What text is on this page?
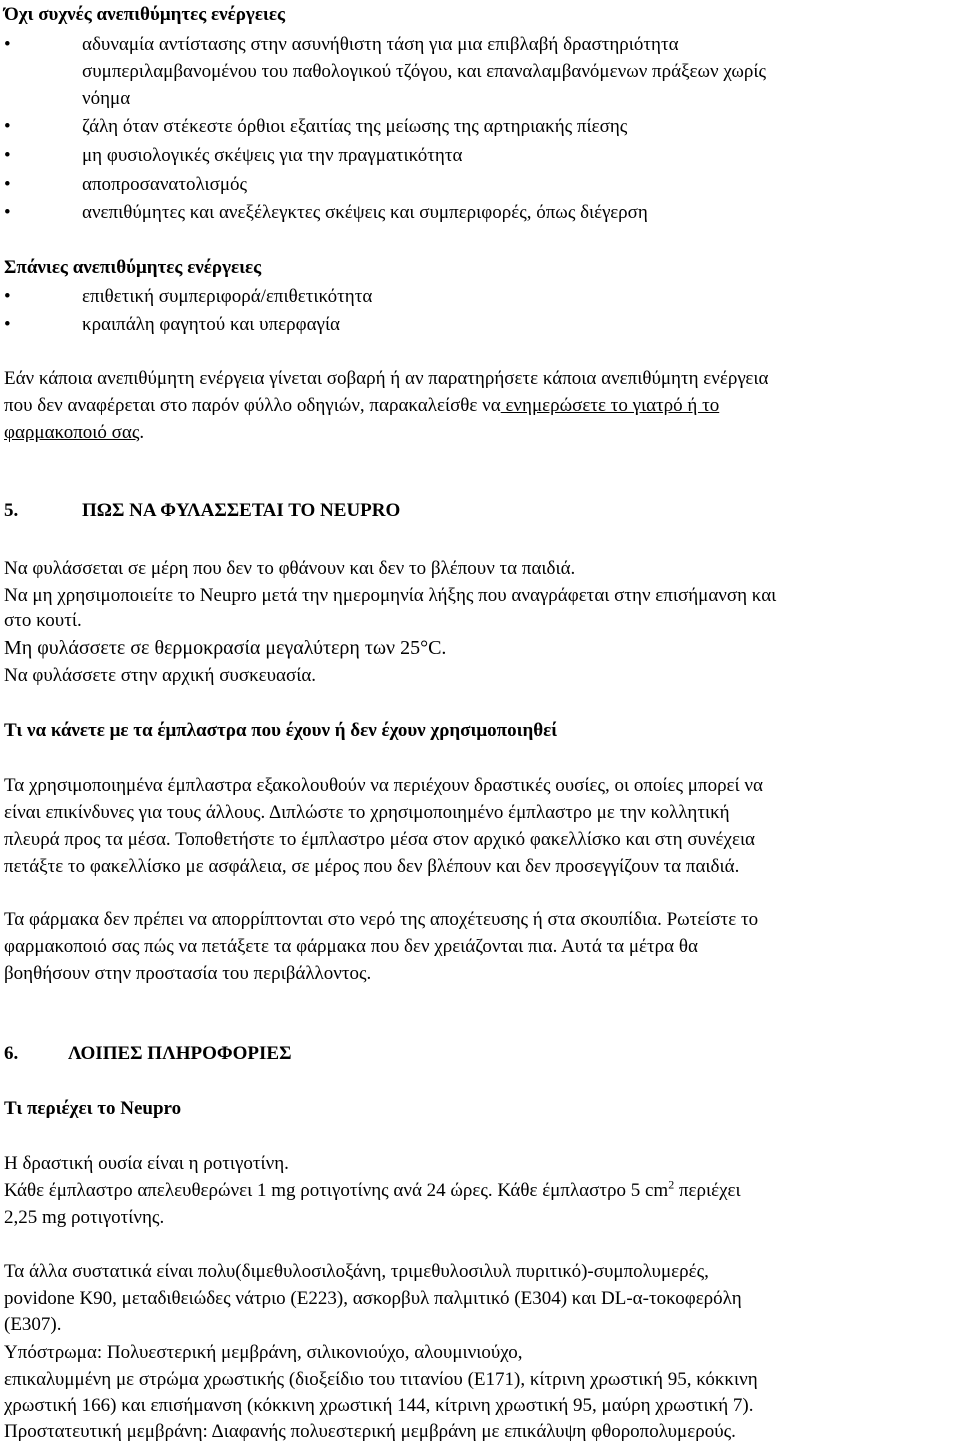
Όχι συχνές ανεπιθύμητες ενέργειες
•	αδυναμία αντίστασης στην ασυνήθιστη τάση για μια επιβλαβή δραστηριότητα
συμπεριλαμβανομένου του παθολογικού τζόγου, και επαναλαμβανόμενων πράξεων χωρίς
νόημα
•	ζάλη όταν στέκεστε όρθιοι εξαιτίας της μείωσης της αρτηριακής πίεσης
•	μη φυσιολογικές σκέψεις για την πραγματικότητα
•	αποπροσανατολισμός
•	ανεπιθύμητες και ανεξέλεγκτες σκέψεις και συμπεριφορές, όπως διέγερση
Σπάνιες ανεπιθύμητες ενέργειες
•	επιθετική συμπεριφορά/επιθετικότητα
•	κραιπάλη φαγητού και υπερφαγία
Εάν κάποια ανεπιθύμητη ενέργεια γίνεται σοβαρή ή αν παρατηρήσετε κάποια ανεπιθύμητη ενέργεια
που δεν αναφέρεται στο παρόν φύλλο οδηγιών, παρακαλείσθε να ενημερώσετε το γιατρό ή το
φαρμακοποιό σας.
5.	ΠΩΣ ΝΑ ΦΥΛΑΣΣΕΤΑΙ ΤΟ NEUPRO
Να φυλάσσεται σε μέρη που δεν το φθάνουν και δεν το βλέπουν τα παιδιά.
Να μη χρησιμοποιείτε το Neupro μετά την ημερομηνία λήξης που αναγράφεται στην επισήμανση και
στο κουτί.
Μη φυλάσσετε σε θερμοκρασία μεγαλύτερη των 25°C.
Να φυλάσσετε στην αρχική συσκευασία.
Τι να κάνετε με τα έμπλαστρα που έχουν ή δεν έχουν χρησιμοποιηθεί
Τα χρησιμοποιημένα έμπλαστρα εξακολουθούν να περιέχουν δραστικές ουσίες, οι οποίες μπορεί να
είναι επικίνδυνες για τους άλλους. Διπλώστε το χρησιμοποιημένο έμπλαστρο με την κολλητική
πλευρά προς τα μέσα. Τοποθετήστε το έμπλαστρο μέσα στον αρχικό φακελλίσκο και στη συνέχεια
πετάξτε το φακελλίσκο με ασφάλεια, σε μέρος που δεν βλέπουν και δεν προσεγγίζουν τα παιδιά.
Τα φάρμακα δεν πρέπει να απορρίπτονται στο νερό της αποχέτευσης ή στα σκουπίδια. Ρωτείστε το
φαρμακοποιό σας πώς να πετάξετε τα φάρμακα που δεν χρειάζονται πια. Αυτά τα μέτρα θα
βοηθήσουν στην προστασία του περιβάλλοντος.
6.	ΛΟΙΠΕΣ ΠΛΗΡΟΦΟΡΙΕΣ
Τι περιέχει το Neupro
Η δραστική ουσία είναι η ροτιγοτίνη.
Κάθε έμπλαστρο απελευθερώνει 1 mg ροτιγοτίνης ανά 24 ώρες. Κάθε έμπλαστρο 5 $cm^2$ περιέχει
2,25 mg ροτιγοτίνης.
Τα άλλα συστατικά είναι πολυ(διμεθυλοσιλοξάνη, τριμεθυλοσιλυλ πυριτικό)-συμπολυμερές,
povidone K90, μεταδιθειώδες νάτριο (E223), ασκορβυλ παλμιτικό (E304) και DL-α-τοκοφερόλη
(E307).
Υπόστρωμα: Πολυεστερική μεμβράνη, σιλικονιούχο, αλουμινιούχο,
επικαλυμμένη με στρώμα χρωστικής (διοξείδιο του τιτανίου (E171), κίτρινη χρωστική 95, κόκκινη
χρωστική 166) και επισήμανση (κόκκινη χρωστική 144, κίτρινη χρωστική 95, μαύρη χρωστική 7).
Προστατευτική μεμβράνη: Διαφανής πολυεστερική μεμβράνη με επικάλυψη φθοροπολυμερούς.
